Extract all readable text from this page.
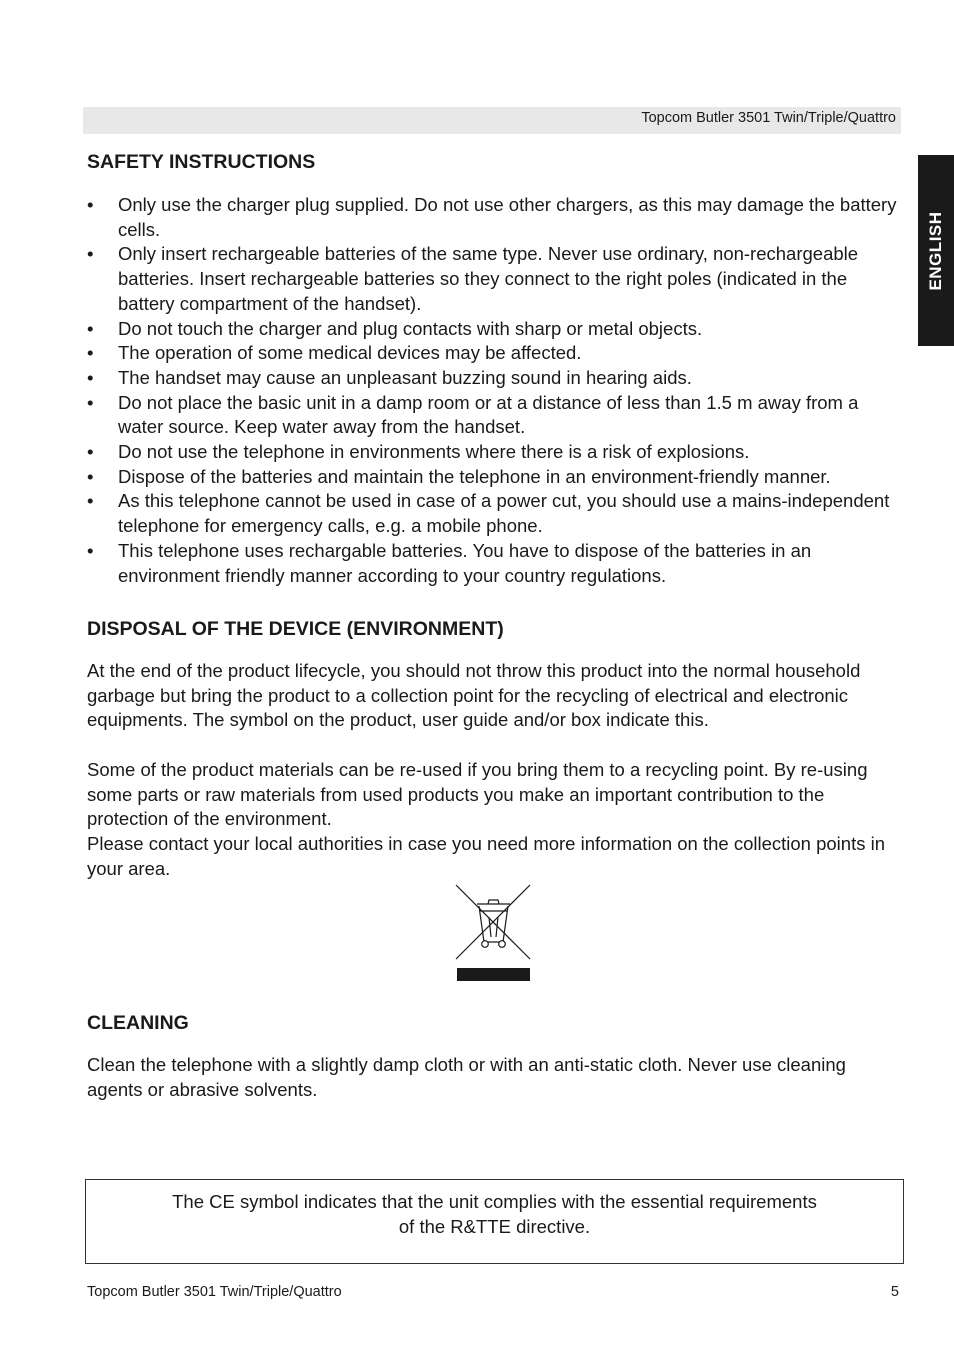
Topcom Butler 3501 Twin/Triple/Quattro
ENGLISH
SAFETY INSTRUCTIONS
• Only use the charger plug supplied. Do not use other chargers, as this may damage the battery cells.
• Only insert rechargeable batteries of the same type. Never use ordinary, non-rechargeable batteries. Insert rechargeable batteries so they connect to the right poles (indicated in the battery compartment of the handset).
• Do not touch the charger and plug contacts with sharp or metal objects.
• The operation of some medical devices may be affected.
• The handset may cause an unpleasant buzzing sound in hearing aids.
• Do not place the basic unit in a damp room or at a distance of less than 1.5 m away from a water source. Keep water away from the handset.
• Do not use the telephone in environments where there is a risk of explosions.
• Dispose of the batteries and maintain the telephone in an environment-friendly manner.
• As this telephone cannot be used in case of a power cut, you should use a mains-independent telephone for emergency calls, e.g. a mobile phone.
• This telephone uses rechargable batteries. You have to dispose of the batteries in an environment friendly manner according to your country regulations.
DISPOSAL OF THE DEVICE (ENVIRONMENT)

At the end of the product lifecycle, you should not throw this product into the normal household garbage but bring the product to a collection point for the recycling of electrical and electronic equipments. The symbol on the product, user guide and/or box indicate this.

Some of the product materials can be re-used if you bring them to a recycling point. By re-using some parts or raw materials from used products you make an important contribution to the protection of the environment.

Please contact your local authorities in case you need more information on the collection points in your area.

CLEANING

Clean the telephone with a slightly damp cloth or with an anti-static cloth. Never use cleaning agents or abrasive solvents.

The CE symbol indicates that the unit complies with the essential requirements
of the R&TTE directive.
Topcom Butler 3501 Twin/Triple/Quattro	5
